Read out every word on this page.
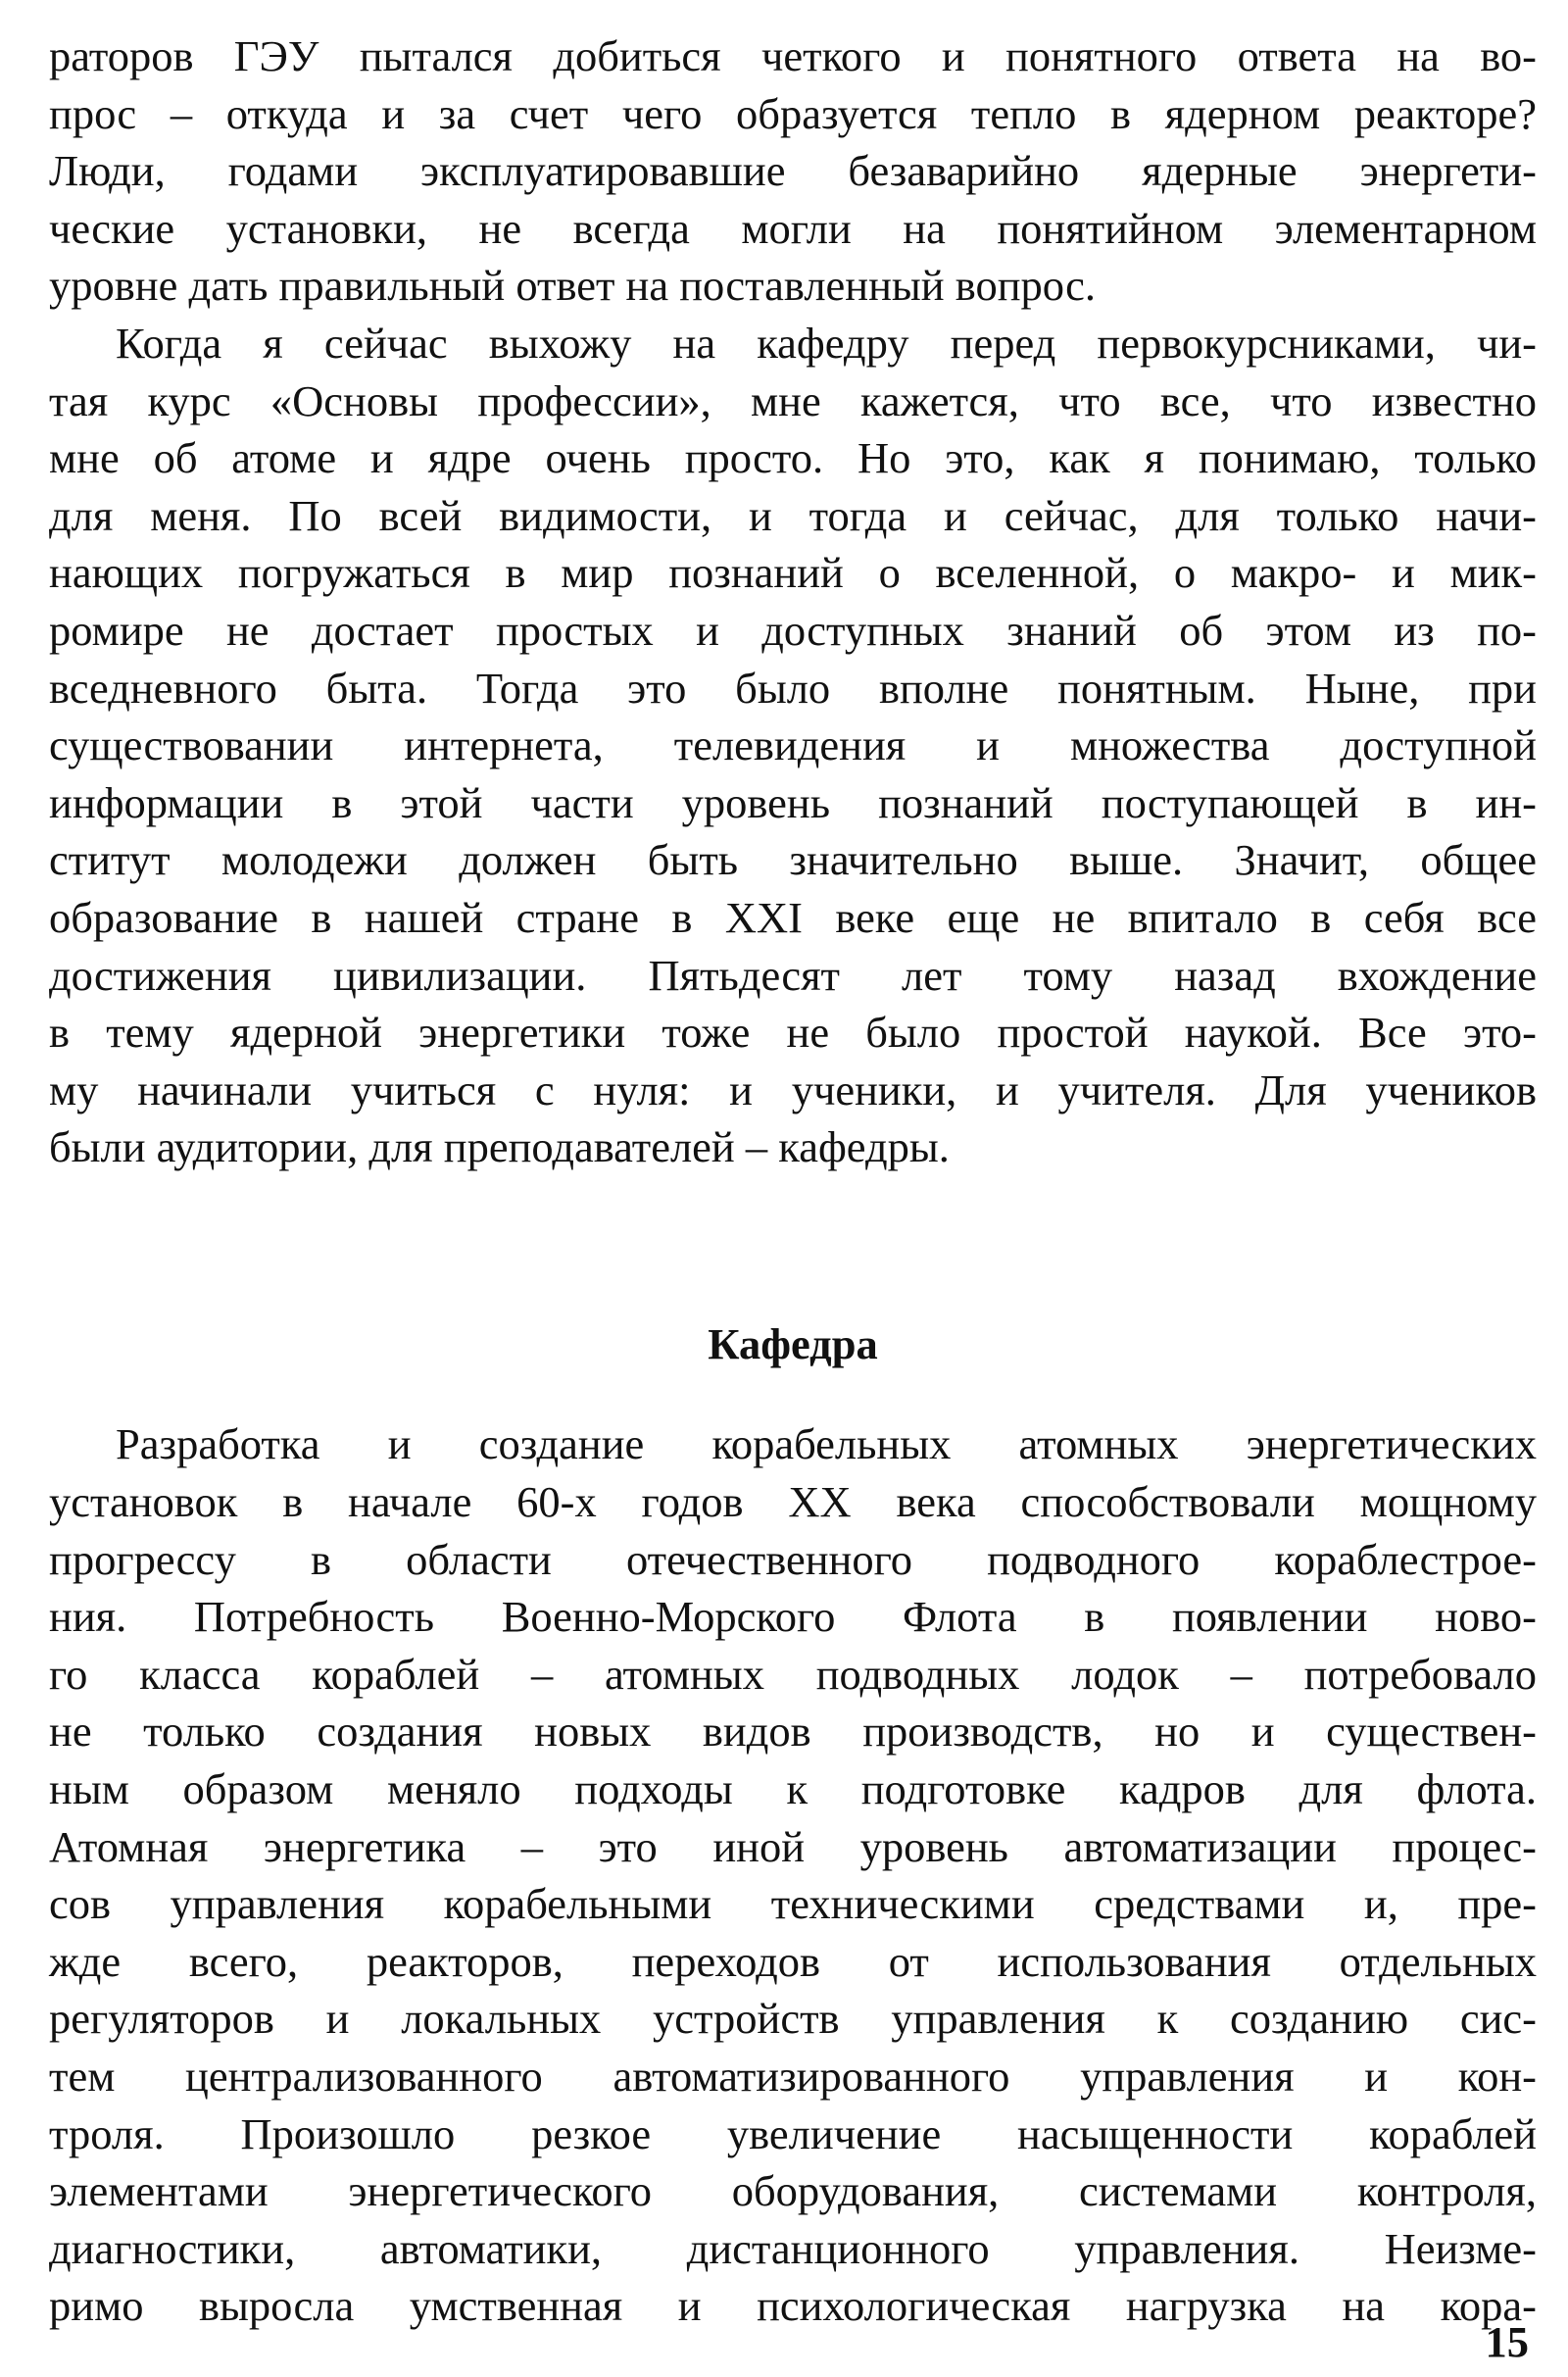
раторов ГЭУ пытался добиться четкого и понятного ответа на во-
прос – откуда и за счет чего образуется тепло в ядерном реакторе?
Люди, годами эксплуатировавшие безаварийно ядерные энергети-
ческие установки, не всегда могли на понятийном элементарном
уровне дать правильный ответ на поставленный вопрос.
Когда я сейчас выхожу на кафедру перед первокурсниками, чи-
тая курс «Основы профессии», мне кажется, что все, что известно
мне об атоме и ядре очень просто. Но это, как я понимаю, только
для меня. По всей видимости, и тогда и сейчас, для только начи-
нающих погружаться в мир познаний о вселенной, о макро- и мик-
ромире не достает простых и доступных знаний об этом из по-
вседневного быта. Тогда это было вполне понятным. Ныне, при
существовании интернета, телевидения и множества доступной
информации в этой части уровень познаний поступающей в ин-
ститут молодежи должен быть значительно выше. Значит, общее
образование в нашей стране в XXI веке еще не впитало в себя все
достижения цивилизации. Пятьдесят лет тому назад вхождение
в тему ядерной энергетики тоже не было простой наукой. Все это-
му начинали учиться с нуля: и ученики, и учителя. Для учеников
были аудитории, для преподавателей – кафедры.
Кафедра
Разработка и создание корабельных атомных энергетических
установок в начале 60-х годов XX века способствовали мощному
прогрессу в области отечественного подводного кораблестрое-
ния. Потребность Военно-Морского Флота в появлении ново-
го класса кораблей – атомных подводных лодок – потребовало
не только создания новых видов производств, но и существен-
ным образом меняло подходы к подготовке кадров для флота.
Атомная энергетика – это иной уровень автоматизации процес-
сов управления корабельными техническими средствами и, пре-
жде всего, реакторов, переходов от использования отдельных
регуляторов и локальных устройств управления к созданию сис-
тем централизованного автоматизированного управления и кон-
троля. Произошло резкое увеличение насыщенности кораблей
элементами энергетического оборудования, системами контроля,
диагностики, автоматики, дистанционного управления. Неизме-
римо выросла умственная и психологическая нагрузка на кора-
15
